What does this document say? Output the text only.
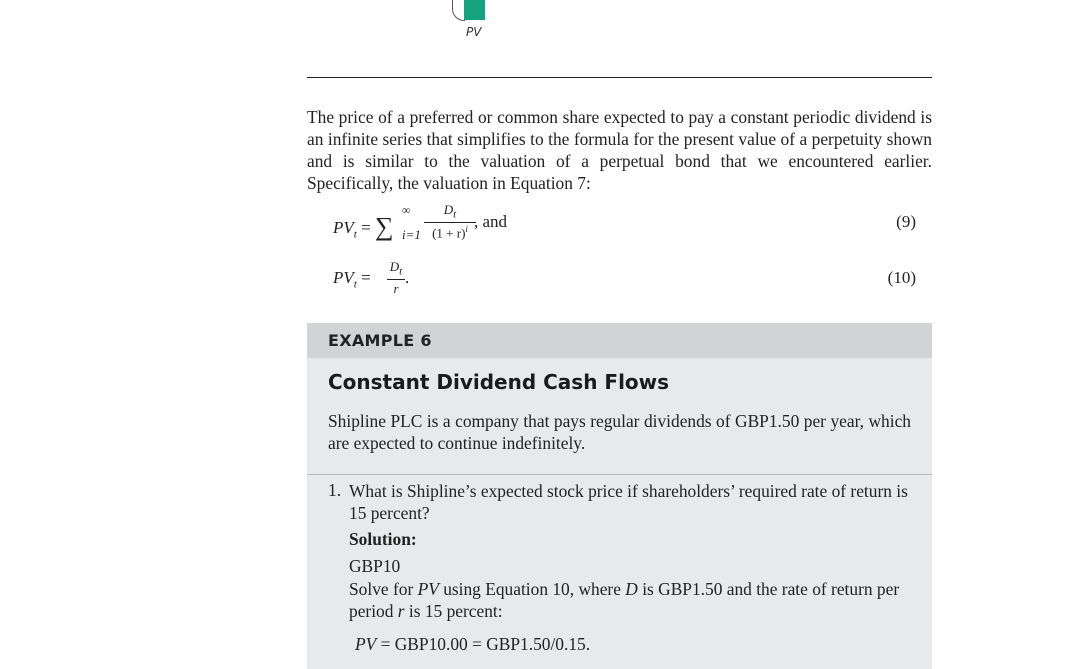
PV
The price of a preferred or common share expected to pay a constant periodic dividend is an infinite series that simplifies to the formula for the present value of a perpetuity shown and is similar to the valuation of a perpetual bond that we encountered earlier. Specifically, the valuation in Equation 7:
$PV_t$ = ∑
∞
i=1
$D_t$
$(1 + r)^i$ , and	(9)
$PV_t$ =
$D_t$
r
.	(10)
EXAMPLE 6
Constant Dividend Cash Flows
Shipline PLC is a company that pays regular dividends of GBP1.50 per year, which are expected to continue indefinitely.
1. What is Shipline’s expected stock price if shareholders’ required rate of return is 15 percent?
Solution:
GBP10
Solve for PV using Equation 10, where D is GBP1.50 and the rate of return per period r is 15 percent:
PV = GBP10.00 = GBP1.50/0.15.
